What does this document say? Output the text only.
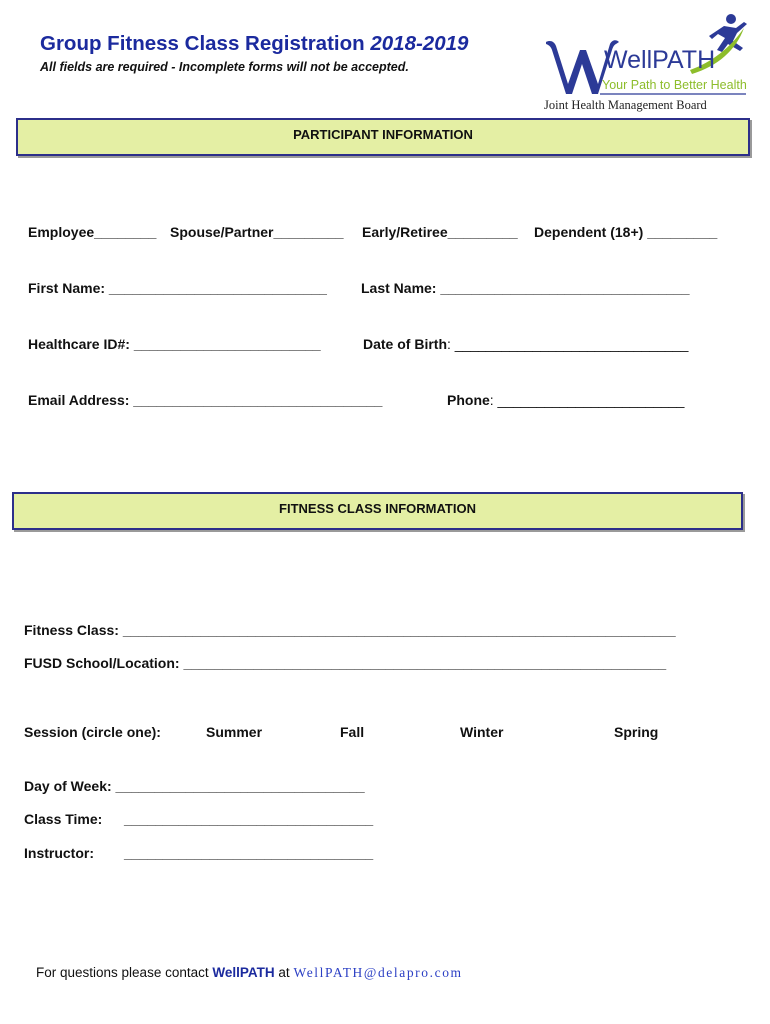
Group Fitness Class Registration 2018-2019
All fields are required - Incomplete forms will not be accepted.	WellPATH
Your Path to Better Health
Joint Health Management Board
PARTICIPANT INFORMATION
Employee________ Spouse/Partner_________ Early/Retiree_________ Dependent (18+) _________
First Name: ____________________________ Last Name: ________________________________
Healthcare ID#: ________________________	Date of Birth: ______________________________
Email Address: ________________________________	Phone: ________________________
FITNESS CLASS INFORMATION
Fitness Class: _______________________________________________________________________
FUSD School/Location: ______________________________________________________________
Session (circle one):	Summer	Fall	Winter	Spring
Day of Week: ________________________________
Class Time: ________________________________
Instructor: ________________________________
For questions please contact WellPATH at WellPATH@delapro.com
